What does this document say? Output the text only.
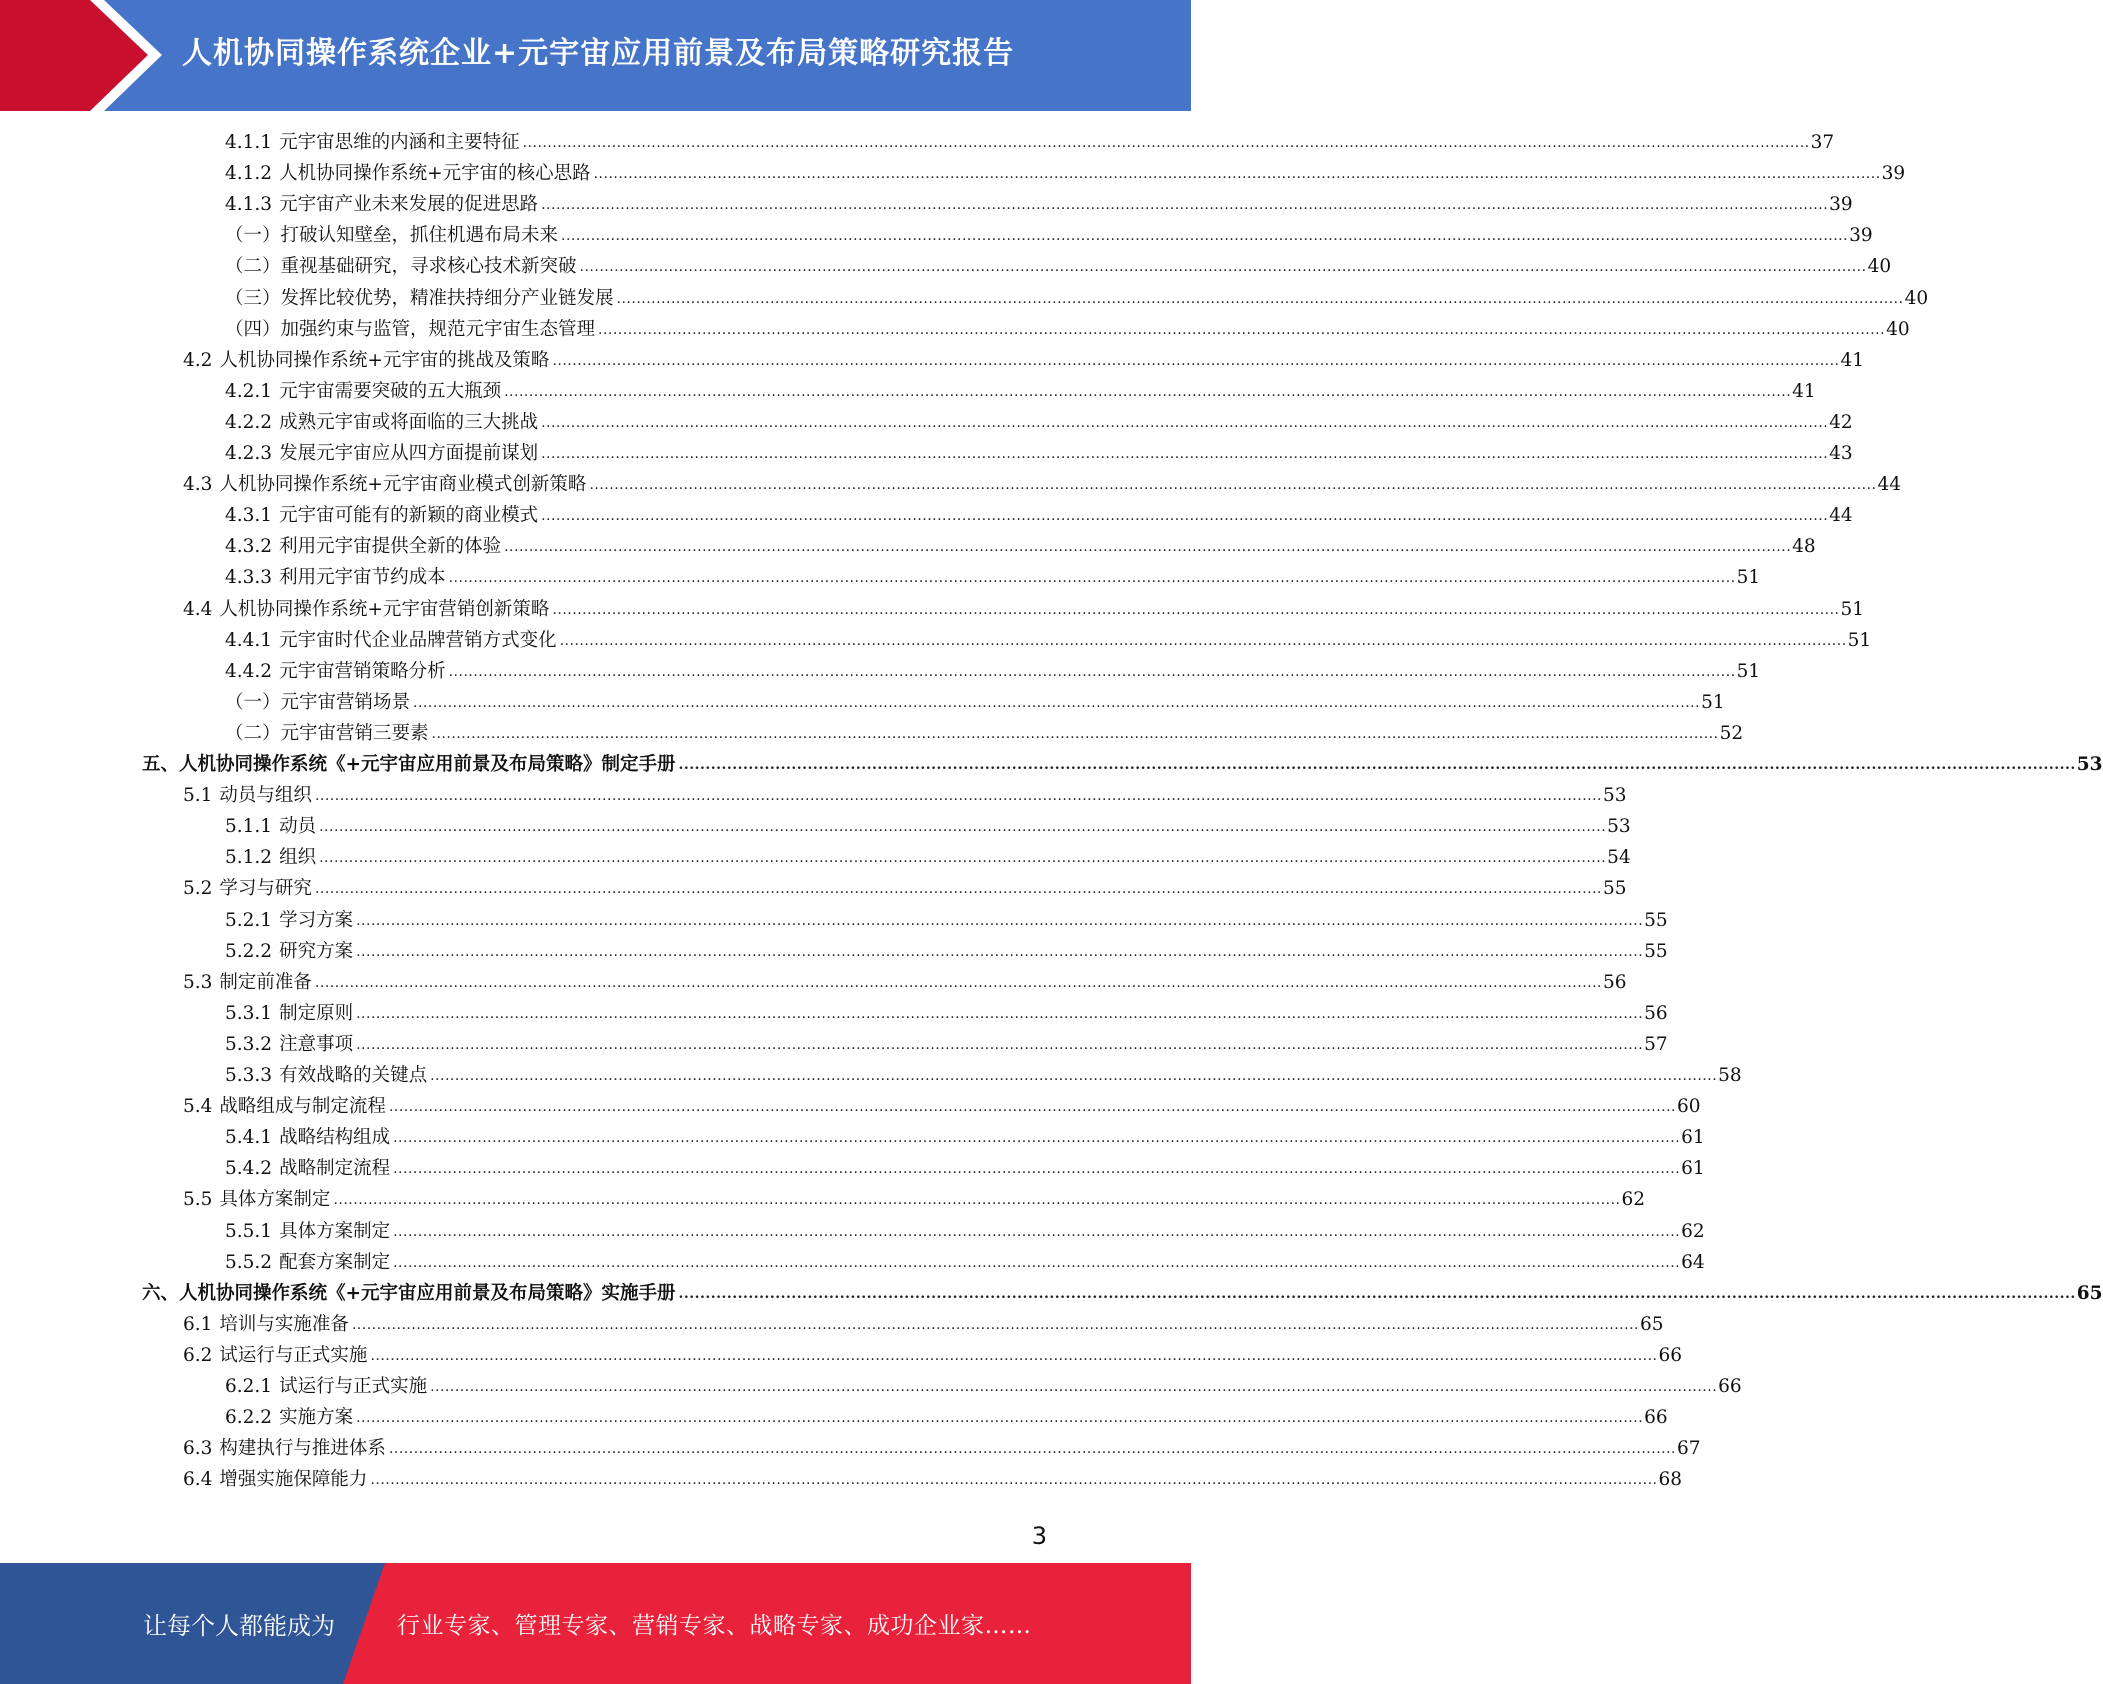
人机协同操作系统企业+元宇宙应用前景及布局策略研究报告
4.1.1 元宇宙思维的内涵和主要特征 .................................................................................................................................................................................................................................................................... 37
4.1.2 人机协同操作系统+元宇宙的核心思路 .................................................................................................................................................................................................................................................................... 39
4.1.3 元宇宙产业未来发展的促进思路 .................................................................................................................................................................................................................................................................... 39
（一）打破认知壁垒，抓住机遇布局未来 .................................................................................................................................................................................................................................................................... 39
（二）重视基础研究，寻求核心技术新突破 .................................................................................................................................................................................................................................................................... 40
（三）发挥比较优势，精准扶持细分产业链发展 .................................................................................................................................................................................................................................................................... 40
（四）加强约束与监管，规范元宇宙生态管理 .................................................................................................................................................................................................................................................................... 40
4.2 人机协同操作系统+元宇宙的挑战及策略 .................................................................................................................................................................................................................................................................... 41
4.2.1 元宇宙需要突破的五大瓶颈 .................................................................................................................................................................................................................................................................... 41
4.2.2 成熟元宇宙或将面临的三大挑战 .................................................................................................................................................................................................................................................................... 42
4.2.3 发展元宇宙应从四方面提前谋划 .................................................................................................................................................................................................................................................................... 43
4.3 人机协同操作系统+元宇宙商业模式创新策略 .................................................................................................................................................................................................................................................................... 44
4.3.1 元宇宙可能有的新颖的商业模式 .................................................................................................................................................................................................................................................................... 44
4.3.2 利用元宇宙提供全新的体验 .................................................................................................................................................................................................................................................................... 48
4.3.3 利用元宇宙节约成本 .................................................................................................................................................................................................................................................................... 51
4.4 人机协同操作系统+元宇宙营销创新策略 .................................................................................................................................................................................................................................................................... 51
4.4.1 元宇宙时代企业品牌营销方式变化 .................................................................................................................................................................................................................................................................... 51
4.4.2 元宇宙营销策略分析 .................................................................................................................................................................................................................................................................... 51
（一）元宇宙营销场景 .................................................................................................................................................................................................................................................................... 51
（二）元宇宙营销三要素 .................................................................................................................................................................................................................................................................... 52
五、人机协同操作系统《+元宇宙应用前景及布局策略》制定手册 .................................................................................................................................................................................................................................................................... 53
5.1 动员与组织 .................................................................................................................................................................................................................................................................... 53
5.1.1 动员 .................................................................................................................................................................................................................................................................... 53
5.1.2 组织 .................................................................................................................................................................................................................................................................... 54
5.2 学习与研究 .................................................................................................................................................................................................................................................................... 55
5.2.1 学习方案 .................................................................................................................................................................................................................................................................... 55
5.2.2 研究方案 .................................................................................................................................................................................................................................................................... 55
5.3 制定前准备 .................................................................................................................................................................................................................................................................... 56
5.3.1 制定原则 .................................................................................................................................................................................................................................................................... 56
5.3.2 注意事项 .................................................................................................................................................................................................................................................................... 57
5.3.3 有效战略的关键点 .................................................................................................................................................................................................................................................................... 58
5.4 战略组成与制定流程 .................................................................................................................................................................................................................................................................... 60
5.4.1 战略结构组成 .................................................................................................................................................................................................................................................................... 61
5.4.2 战略制定流程 .................................................................................................................................................................................................................................................................... 61
5.5 具体方案制定 .................................................................................................................................................................................................................................................................... 62
5.5.1 具体方案制定 .................................................................................................................................................................................................................................................................... 62
5.5.2 配套方案制定 .................................................................................................................................................................................................................................................................... 64
六、人机协同操作系统《+元宇宙应用前景及布局策略》实施手册 .................................................................................................................................................................................................................................................................... 65
6.1 培训与实施准备 .................................................................................................................................................................................................................................................................... 65
6.2 试运行与正式实施 .................................................................................................................................................................................................................................................................... 66
6.2.1 试运行与正式实施 .................................................................................................................................................................................................................................................................... 66
6.2.2 实施方案 .................................................................................................................................................................................................................................................................... 66
6.3 构建执行与推进体系 .................................................................................................................................................................................................................................................................... 67
6.4 增强实施保障能力 .................................................................................................................................................................................................................................................................... 68
3
让每个人都能成为	行业专家、管理专家、营销专家、战略专家、成功企业家……
